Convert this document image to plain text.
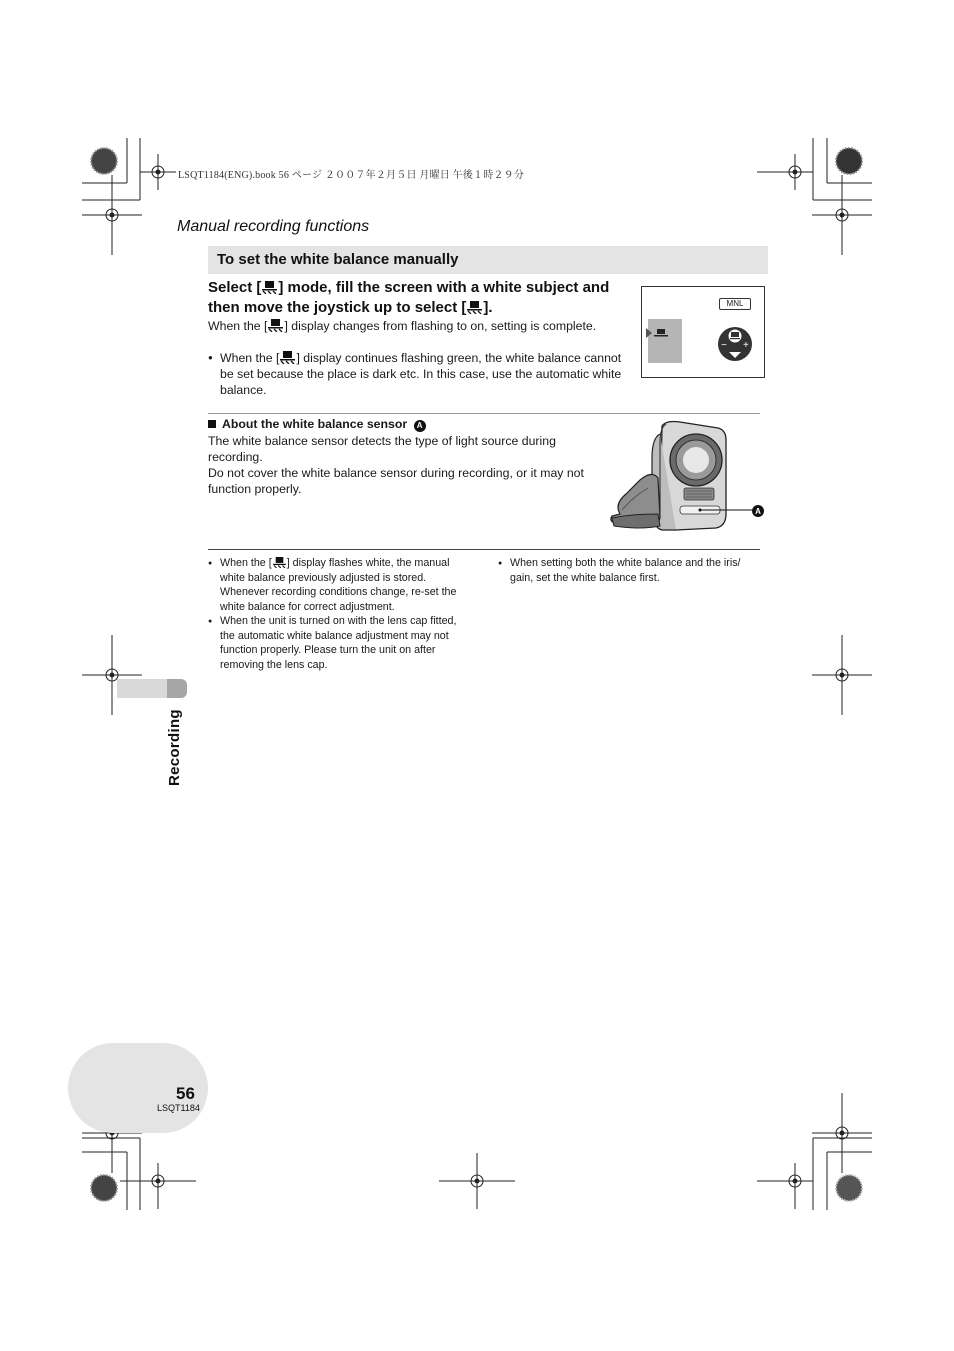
LSQT1184(ENG).book 56 ページ ２００７年２月５日 月曜日 午後１時２９分
Manual recording functions
To set the white balance manually
Select [ ] mode, fill the screen with a white subject and then move the joystick up to select [ ].
When the [ ] display changes from flashing to on, setting is complete.
● When the [ ] display continues flashing green, the white balance cannot be set because the place is dark etc. In this case, use the automatic white balance.
MNL
− +
About the white balance sensor A
The white balance sensor detects the type of light source during recording.
Do not cover the white balance sensor during recording, or it may not function properly.
A
● When the [ ] display flashes white, the manual white balance previously adjusted is stored. Whenever recording conditions change, re-set the white balance for correct adjustment.
● When the unit is turned on with the lens cap fitted, the automatic white balance adjustment may not function properly. Please turn the unit on after removing the lens cap.
● When setting both the white balance and the iris/ gain, set the white balance first.
Recording
56
LSQT1184
